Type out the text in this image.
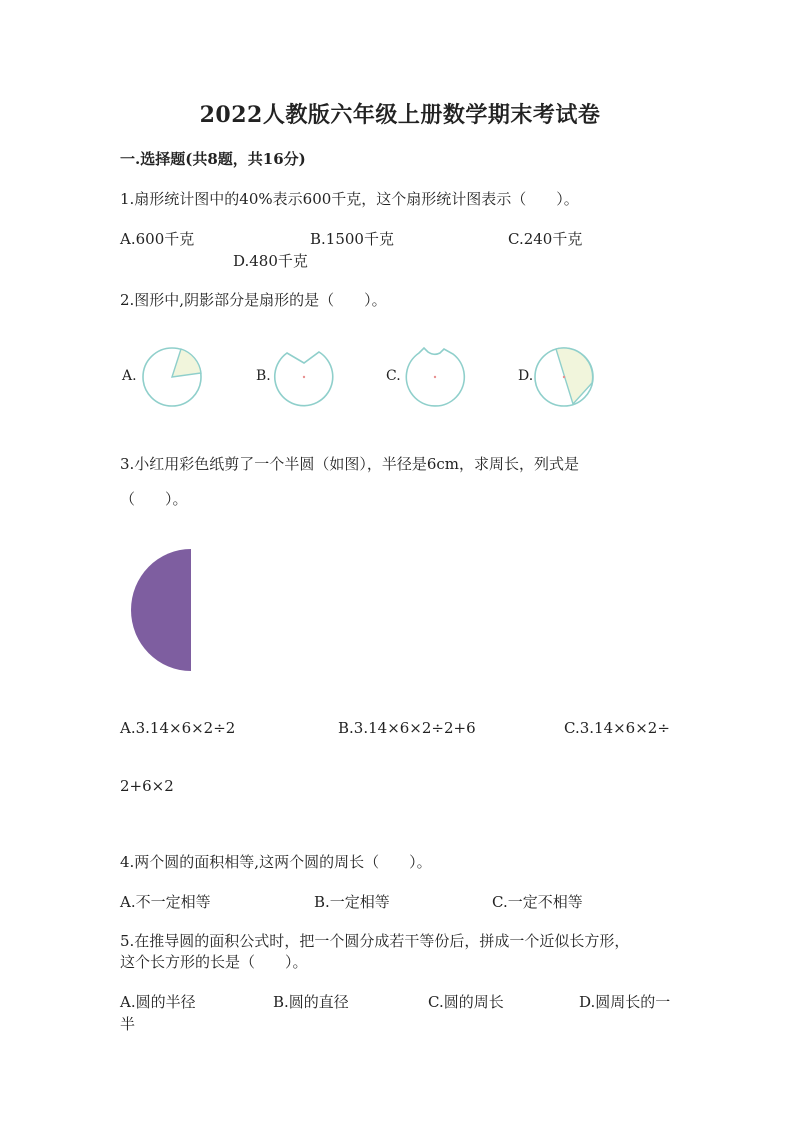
2022人教版六年级上册数学期末考试卷
一.选择题(共8题，共16分)
1.扇形统计图中的40%表示600千克，这个扇形统计图表示（　　）。
A.600千克	B.1500千克	C.240千克
D.480千克
2.图形中,阴影部分是扇形的是（　　）。
A.	B.	C.	D.
3.小红用彩色纸剪了一个半圆（如图），半径是6cm，求周长，列式是
（　　）。
A.3.14×6×2÷2	B.3.14×6×2÷2+6	C.3.14×6×2÷
2+6×2
4.两个圆的面积相等,这两个圆的周长（　　）。
A.不一定相等	B.一定相等	C.一定不相等
5.在推导圆的面积公式时，把一个圆分成若干等份后，拼成一个近似长方形，
这个长方形的长是（　　）。
A.圆的半径	B.圆的直径	C.圆的周长	D.圆周长的一
半
